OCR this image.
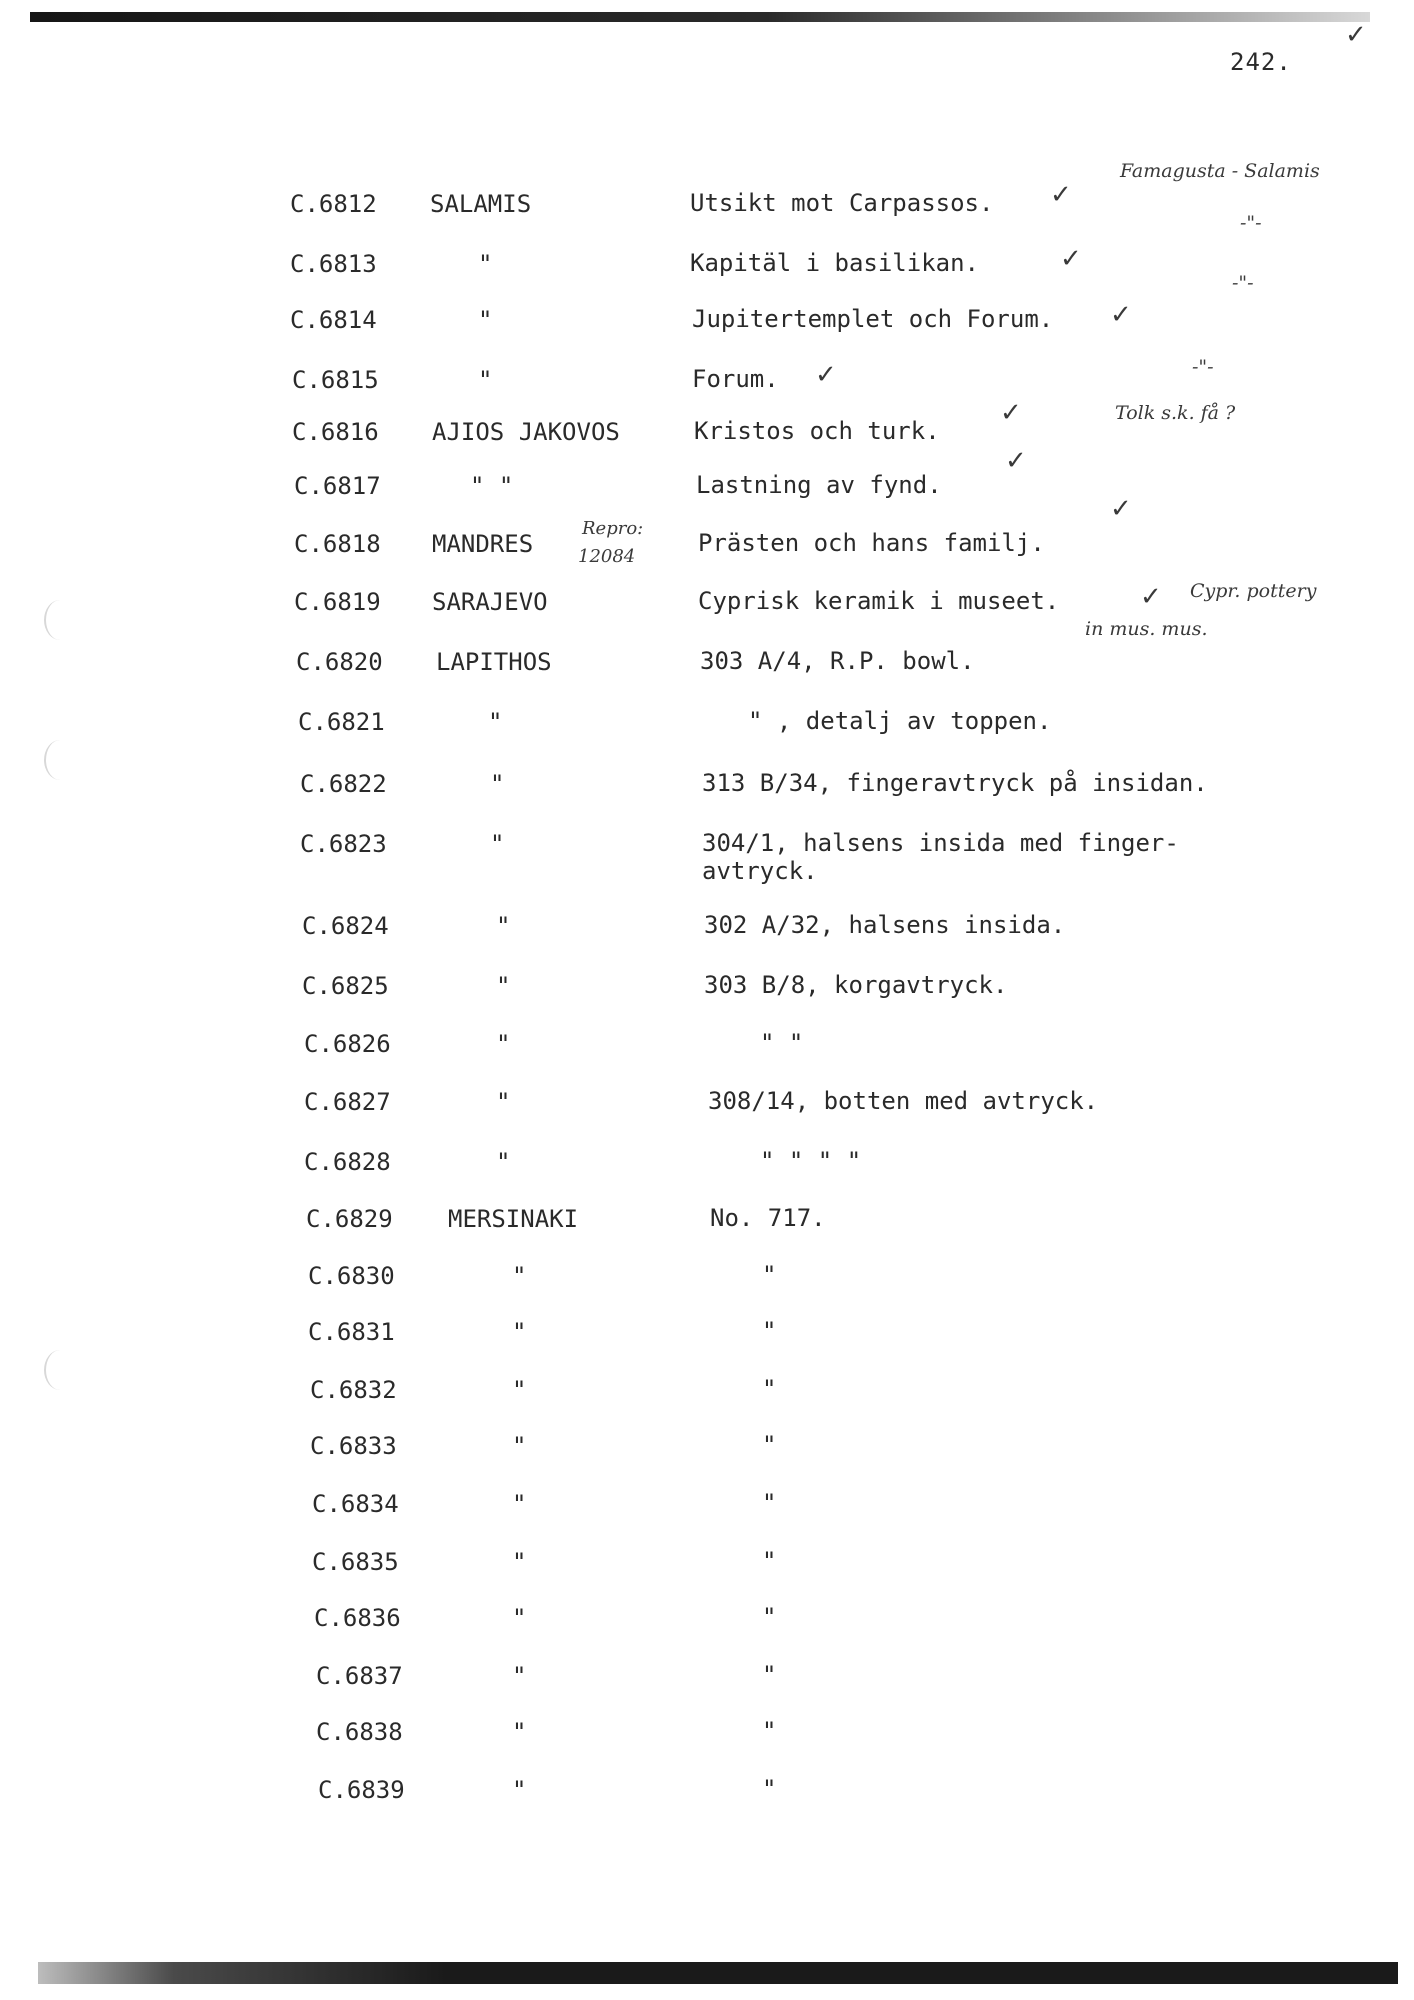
242.
✓
C.6812 SALAMIS	Utsikt mot Carpassos. ✓
C.6813	"	Kapitäl i basilikan.	✓
C.6814	"	Jupitertemplet och Forum. ✓
C.6815	"	Forum. ✓
C.6816 AJIOS JAKOVOS	Kristos och turk.
✓
C.6817	" "	Lastning av fynd.
✓
C.6818 MANDRES	Prästen och hans familj.
✓
C.6819 SARAJEVO	Cyprisk keramik i museet.	✓
C.6820 LAPITHOS	303 A/4, R.P. bowl.
C.6821	"	" , detalj av toppen.
C.6822	"	313 B/34, fingeravtryck på insidan.
C.6823	"	304/1, halsens insida med finger-
avtryck.
C.6824	"	302 A/32, halsens insida.
C.6825	"	303 B/8, korgavtryck.
C.6826	"	" "
C.6827	"	308/14, botten med avtryck.
C.6828	"	" " " "
C.6829 MERSINAKI	No. 717.
C.6830	"	"
C.6831	"	"
C.6832	"	"
C.6833	"	"
C.6834	"	"
C.6835	"	"
C.6836	"	"
C.6837	"	"
C.6838	"	"
C.6839	"	"
Famagusta - Salamis
-"-
-"-
-"-
Tolk s.k. få ?
Repro:
12084
Cypr. pottery
in mus. mus.
